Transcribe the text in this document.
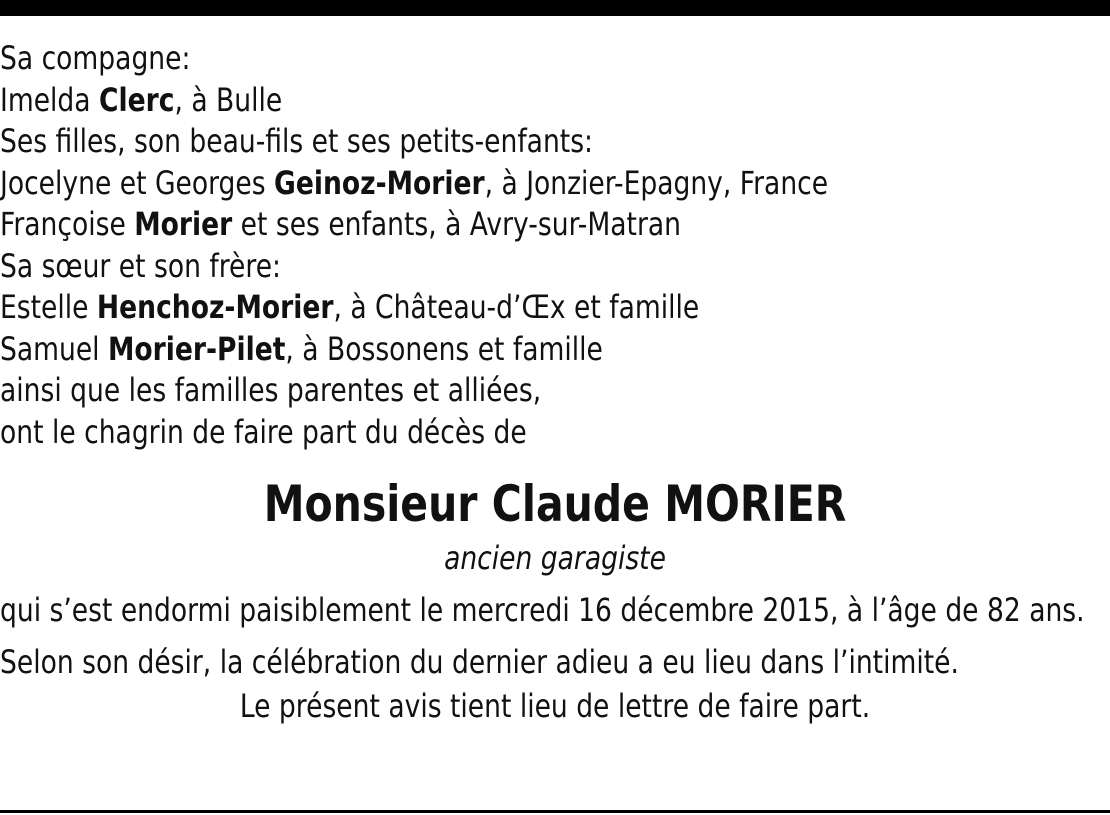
Sa compagne:
Imelda Clerc, à Bulle
Ses filles, son beau-fils et ses petits-enfants:
Jocelyne et Georges Geinoz-Morier, à Jonzier-Epagny, France
Françoise Morier et ses enfants, à Avry-sur-Matran
Sa sœur et son frère:
Estelle Henchoz-Morier, à Château-d’Œx et famille
Samuel Morier-Pilet, à Bossonens et famille
ainsi que les familles parentes et alliées,
ont le chagrin de faire part du décès de
Monsieur Claude MORIER
ancien garagiste

qui s’est endormi paisiblement le mercredi 16 décembre 2015, à l’âge de 82 ans.

Selon son désir, la célébration du dernier adieu a eu lieu dans l’intimité.

Le présent avis tient lieu de lettre de faire part.
